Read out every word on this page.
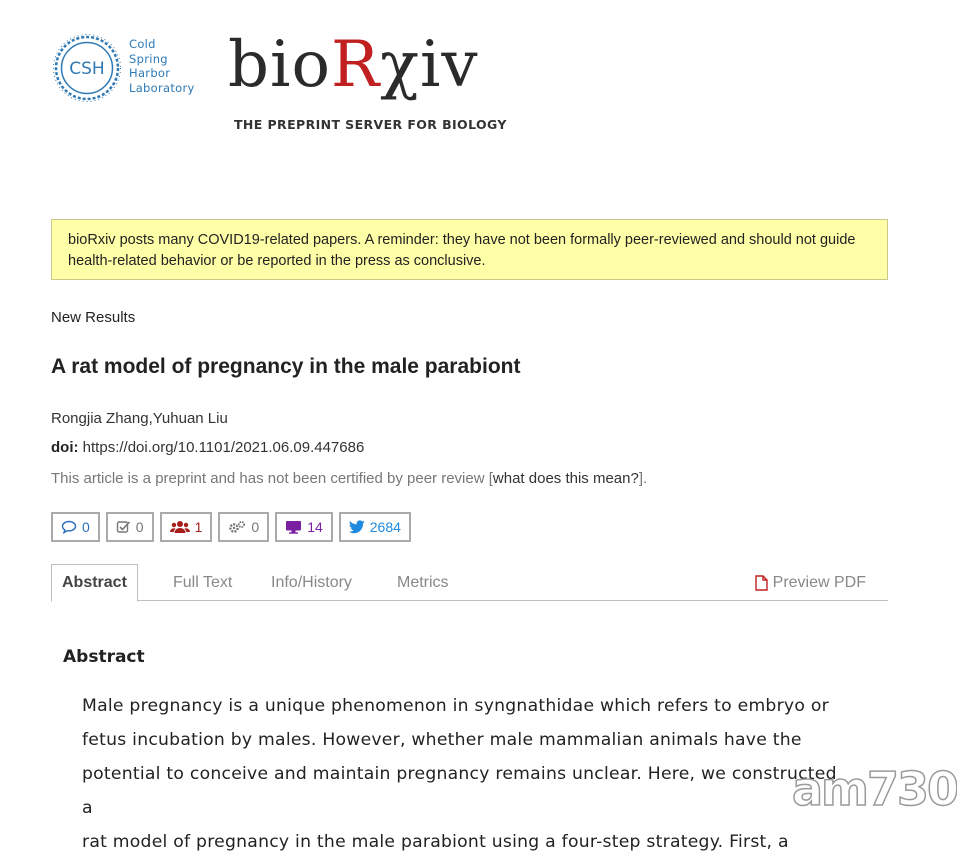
CSH
Cold
Spring
Harbor
Laboratory bioRχiv
THE PREPRINT SERVER FOR BIOLOGY
bioRxiv posts many COVID19-related papers. A reminder: they have not been formally peer-reviewed and should not guide health-related behavior or be reported in the press as conclusive.
New Results
A rat model of pregnancy in the male parabiont
Rongjia Zhang,Yuhuan Liu
doi: https://doi.org/10.1101/2021.06.09.447686
This article is a preprint and has not been certified by peer review [what does this mean?].
0	0	1	0	14	2684
Abstract	Full Text	Info/History	Metrics	Preview PDF
Abstract
Male pregnancy is a unique phenomenon in syngnathidae which refers to embryo or
fetus incubation by males. However, whether male mammalian animals have the
potential to conceive and maintain pregnancy remains unclear. Here, we constructed a
rat model of pregnancy in the male parabiont using a four-step strategy. First, a
am730
